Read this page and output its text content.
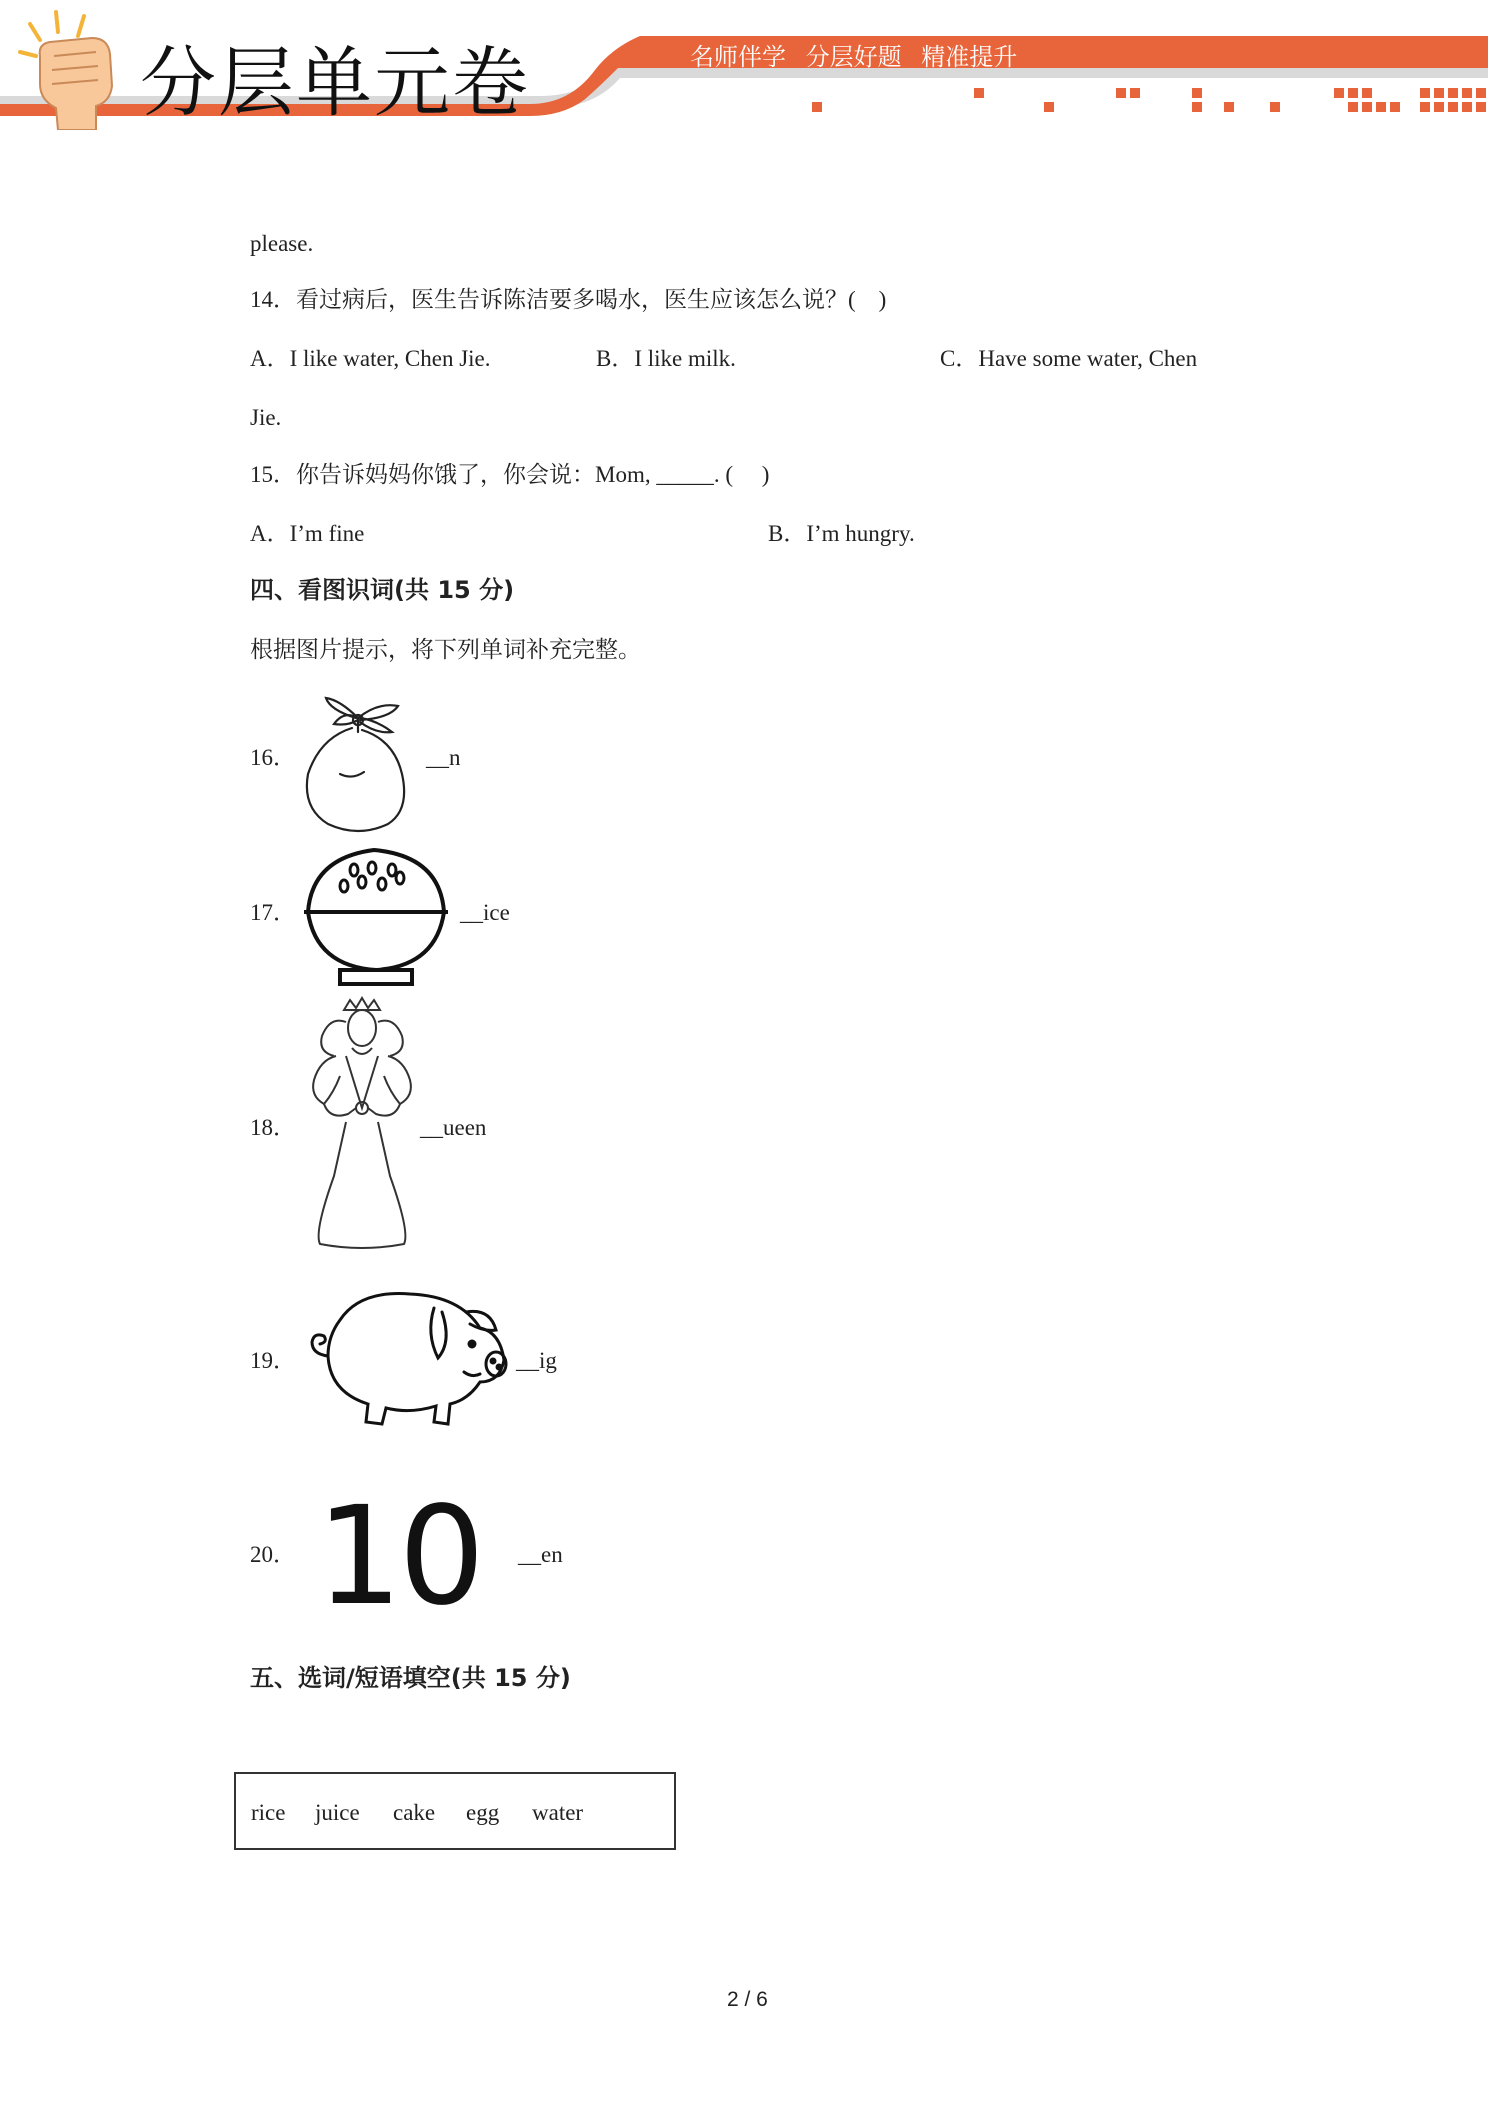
分层单元卷	名师伴学 分层好题 精准提升
please.
14．看过病后，医生告诉陈洁要多喝水，医生应该怎么说？(　)
A．I like water, Chen Jie.	B．I like milk.	C．Have some water, Chen
Jie.
15．你告诉妈妈你饿了，你会说：Mom, _____. (　 )
A．I’m fine	B．I’m hungry.
四、看图识词(共 15 分)
根据图片提示，将下列单词补充完整。
16．	__n
17．	__ice
18．	__ueen
19．	__ig
20． 10 __en
五、选词/短语填空(共 15 分)
rice juice cake egg water
2 / 6
